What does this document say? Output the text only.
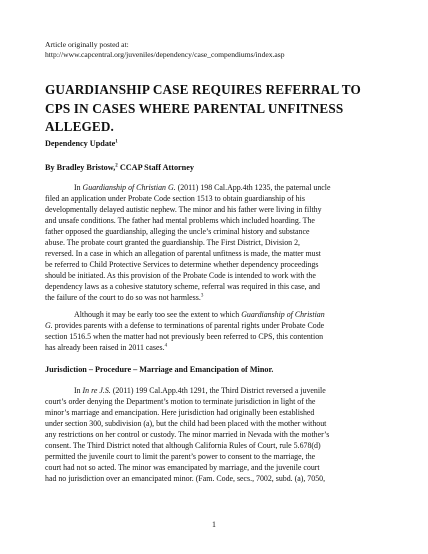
Article originally posted at:
http://www.capcentral.org/juveniles/dependency/case_compendiums/index.asp
GUARDIANSHIP CASE REQUIRES REFERRAL TO
CPS IN CASES WHERE PARENTAL UNFITNESS
ALLEGED.
Dependency Update$^1$
By Bradley Bristow,$^2$ CCAP Staff Attorney
In Guardianship of Christian G. (2011) 198 Cal.App.4th 1235, the paternal uncle
filed an application under Probate Code section 1513 to obtain guardianship of his
developmentally delayed autistic nephew. The minor and his father were living in filthy
and unsafe conditions. The father had mental problems which included hoarding. The
father opposed the guardianship, alleging the uncle’s criminal history and substance
abuse. The probate court granted the guardianship. The First District, Division 2,
reversed. In a case in which an allegation of parental unfitness is made, the matter must
be referred to Child Protective Services to determine whether dependency proceedings
should be initiated. As this provision of the Probate Code is intended to work with the
dependency laws as a cohesive statutory scheme, referral was required in this case, and
the failure of the court to do so was not harmless.$^3$
Although it may be early too see the extent to which Guardianship of Christian
G. provides parents with a defense to terminations of parental rights under Probate Code
section 1516.5 when the matter had not previously been referred to CPS, this contention
has already been raised in 2011 cases.$^4$
Jurisdiction – Procedure – Marriage and Emancipation of Minor.
In In re J.S. (2011) 199 Cal.App.4th 1291, the Third District reversed a juvenile
court’s order denying the Department’s motion to terminate jurisdiction in light of the
minor’s marriage and emancipation. Here jurisdiction had originally been established
under section 300, subdivision (a), but the child had been placed with the mother without
any restrictions on her control or custody. The minor married in Nevada with the mother’s
consent. The Third District noted that although California Rules of Court, rule 5.678(d)
permitted the juvenile court to limit the parent’s power to consent to the marriage, the
court had not so acted. The minor was emancipated by marriage, and the juvenile court
had no jurisdiction over an emancipated minor. (Fam. Code, secs., 7002, subd. (a), 7050,
1
